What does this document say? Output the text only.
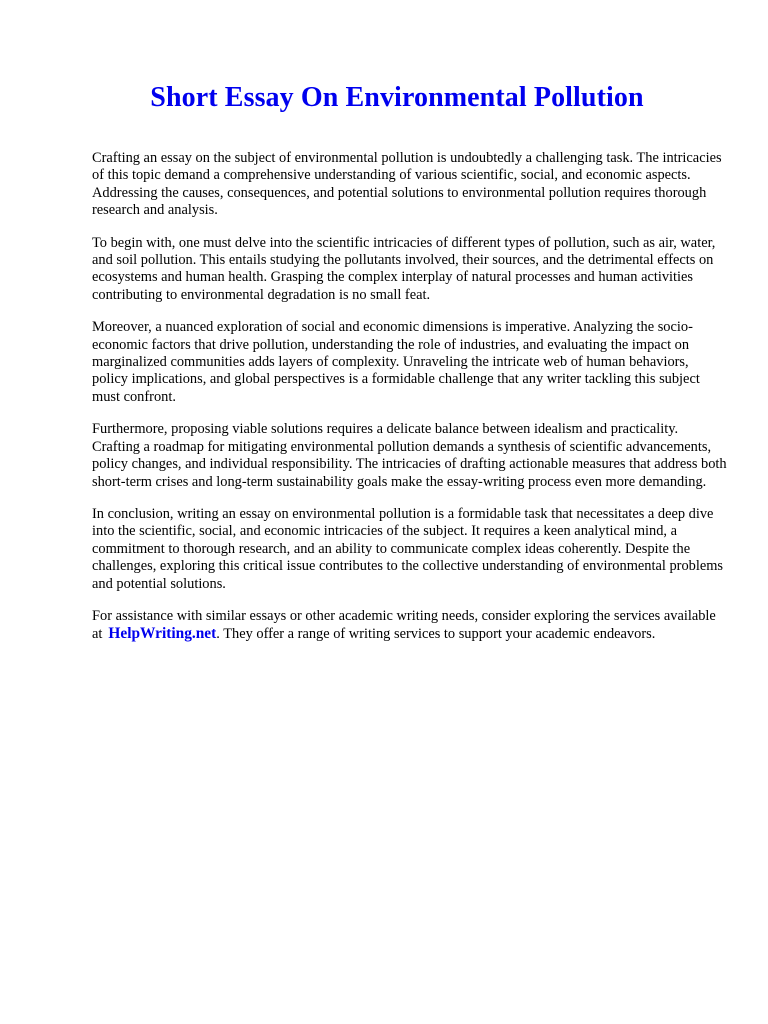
Short Essay On Environmental Pollution

Crafting an essay on the subject of environmental pollution is undoubtedly a challenging task. The intricacies of this topic demand a comprehensive understanding of various scientific, social, and economic aspects. Addressing the causes, consequences, and potential solutions to environmental pollution requires thorough research and analysis.

To begin with, one must delve into the scientific intricacies of different types of pollution, such as air, water, and soil pollution. This entails studying the pollutants involved, their sources, and the detrimental effects on ecosystems and human health. Grasping the complex interplay of natural processes and human activities contributing to environmental degradation is no small feat.

Moreover, a nuanced exploration of social and economic dimensions is imperative. Analyzing the socio-economic factors that drive pollution, understanding the role of industries, and evaluating the impact on marginalized communities adds layers of complexity. Unraveling the intricate web of human behaviors, policy implications, and global perspectives is a formidable challenge that any writer tackling this subject must confront.

Furthermore, proposing viable solutions requires a delicate balance between idealism and practicality. Crafting a roadmap for mitigating environmental pollution demands a synthesis of scientific advancements, policy changes, and individual responsibility. The intricacies of drafting actionable measures that address both short-term crises and long-term sustainability goals make the essay-writing process even more demanding.

In conclusion, writing an essay on environmental pollution is a formidable task that necessitates a deep dive into the scientific, social, and economic intricacies of the subject. It requires a keen analytical mind, a commitment to thorough research, and an ability to communicate complex ideas coherently. Despite the challenges, exploring this critical issue contributes to the collective understanding of environmental problems and potential solutions.

For assistance with similar essays or other academic writing needs, consider exploring the services available at HelpWriting.net. They offer a range of writing services to support your academic endeavors.
